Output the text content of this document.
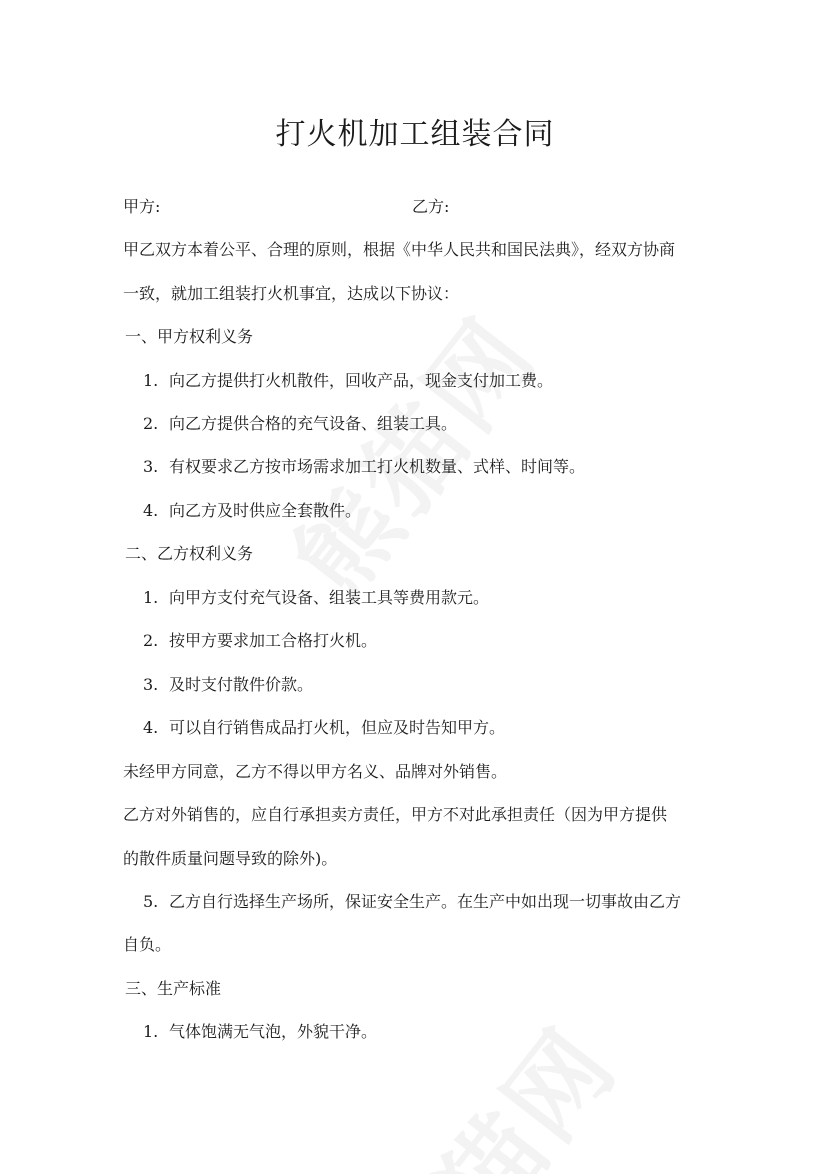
打火机加工组装合同
甲方:	乙方:
甲乙双方本着公平、合理的原则，根据《中华人民共和国民法典》，经双方协商
一致，就加工组装打火机事宜，达成以下协议：
一、甲方权利义务
1. 向乙方提供打火机散件，回收产品，现金支付加工费。
2. 向乙方提供合格的充气设备、组装工具。
3. 有权要求乙方按市场需求加工打火机数量、式样、时间等。
4. 向乙方及时供应全套散件。
二、乙方权利义务
1. 向甲方支付充气设备、组装工具等费用款元。
2. 按甲方要求加工合格打火机。
3. 及时支付散件价款。
4. 可以自行销售成品打火机，但应及时告知甲方。
未经甲方同意，乙方不得以甲方名义、品牌对外销售。
乙方对外销售的，应自行承担卖方责任，甲方不对此承担责任（因为甲方提供
的散件质量问题导致的除外)。
5. 乙方自行选择生产场所，保证安全生产。在生产中如出现一切事故由乙方
自负。
三、生产标准
1. 气体饱满无气泡，外貌干净。
